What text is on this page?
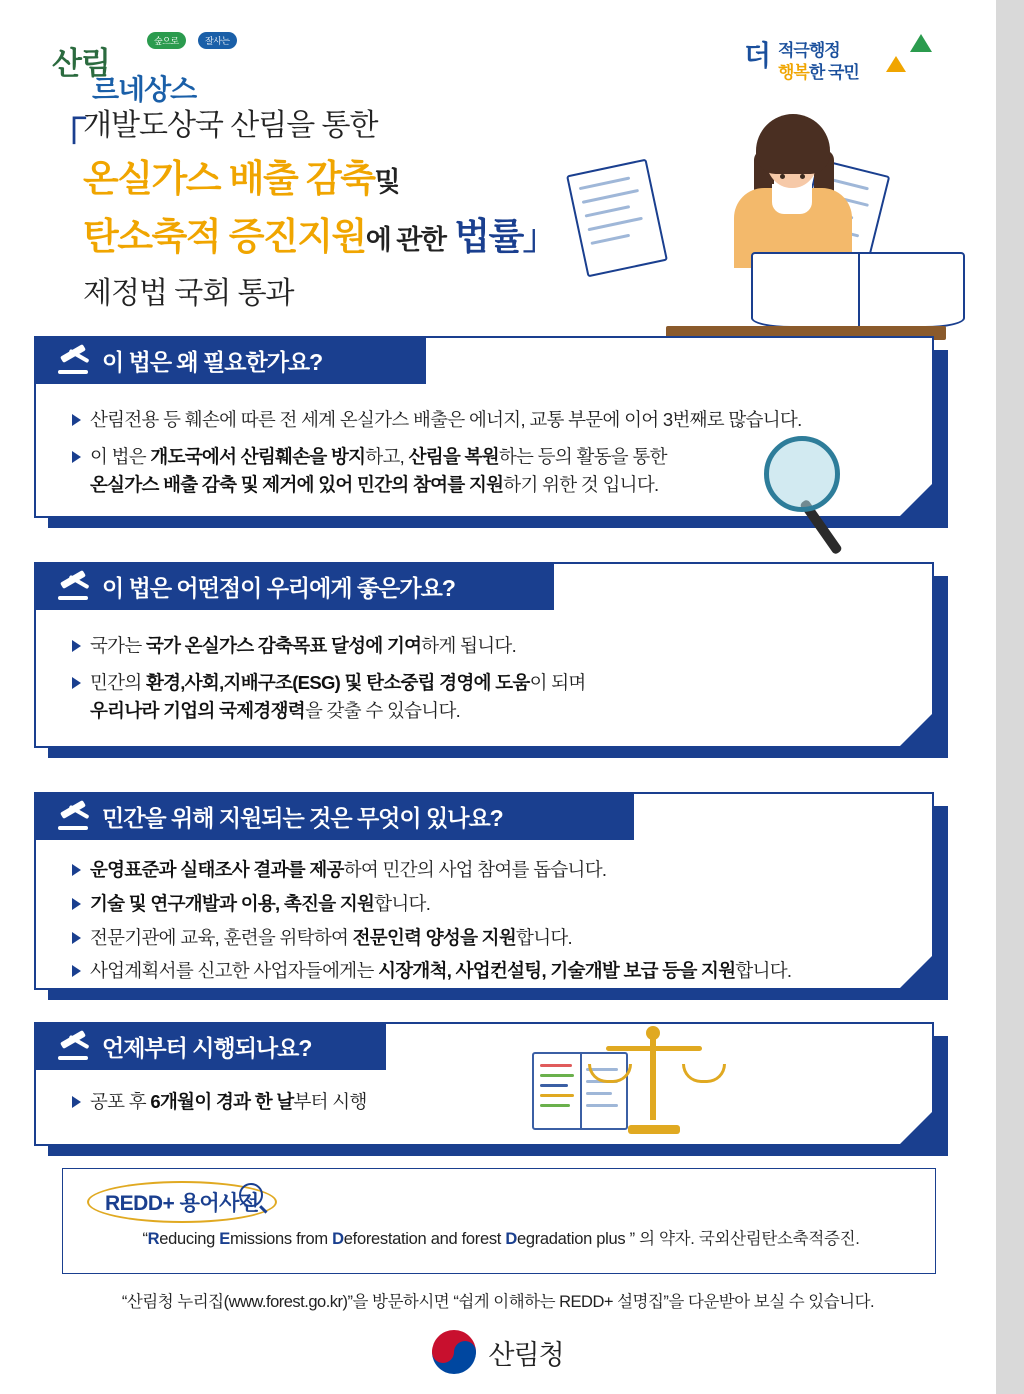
숲으로	잘사는
산림
르네상스
더 적극행정
행복한 국민
「
개발도상국 산림을 통한
온실가스 배출 감축및
탄소축적 증진지원에 관한 법률」
제정법 국회 통과
이 법은 왜 필요한가요?
산림전용 등 훼손에 따른 전 세계 온실가스 배출은 에너지, 교통 부문에 이어 3번째로 많습니다.
이 법은 개도국에서 산림훼손을 방지하고, 산림을 복원하는 등의 활동을 통한
온실가스 배출 감축 및 제거에 있어 민간의 참여를 지원하기 위한 것 입니다.
이 법은 어떤점이 우리에게 좋은가요?
국가는 국가 온실가스 감축목표 달성에 기여하게 됩니다.
민간의 환경,사회,지배구조(ESG) 및 탄소중립 경영에 도움이 되며
우리나라 기업의 국제경쟁력을 갖출 수 있습니다.
민간을 위해 지원되는 것은 무엇이 있나요?
운영표준과 실태조사 결과를 제공하여 민간의 사업 참여를 돕습니다.
기술 및 연구개발과 이용, 촉진을 지원합니다.
전문기관에 교육, 훈련을 위탁하여 전문인력 양성을 지원합니다.
사업계획서를 신고한 사업자들에게는 시장개척, 사업컨설팅, 기술개발 보급 등을 지원합니다.
언제부터 시행되나요?
공포 후 6개월이 경과 한 날부터 시행
REDD+ 용어사전
“Reducing Emissions from Deforestation and forest Degradation plus ” 의 약자. 국외산림탄소축적증진.
“산림청 누리집(www.forest.go.kr)”을 방문하시면 “쉽게 이해하는 REDD+ 설명집”을 다운받아 보실 수 있습니다.
산림청
